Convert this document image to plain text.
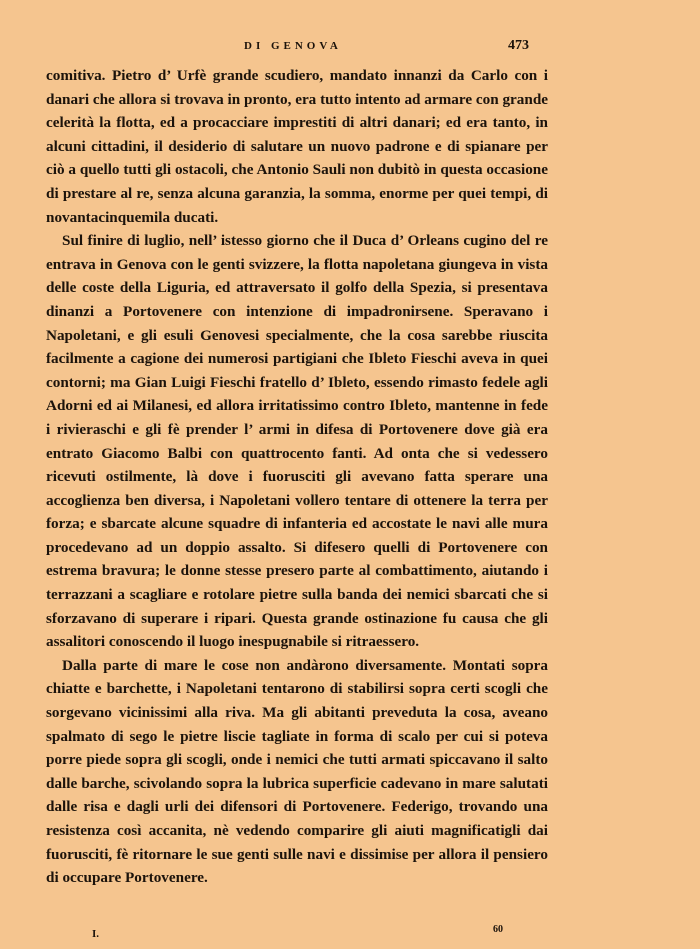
DI GENOVA	473

comitiva. Pietro d’ Urfè grande scudiero, mandato innanzi da Carlo con i danari che allora si trovava in pronto, era tutto intento ad armare con grande celerità la flotta, ed a procacciare imprestiti di altri danari; ed era tanto, in alcuni cittadini, il desiderio di salutare un nuovo padrone e di spianare per ciò a quello tutti gli ostacoli, che Antonio Sauli non dubitò in questa occasione di prestare al re, senza alcuna garanzia, la somma, enorme per quei tempi, di novantacinquemila ducati.

Sul finire di luglio, nell’ istesso giorno che il Duca d’ Orleans cugino del re entrava in Genova con le genti svizzere, la flotta napoletana giungeva in vista delle coste della Liguria, ed attraversato il golfo della Spezia, si presentava dinanzi a Portovenere con intenzione di impadronirsene. Speravano i Napoletani, e gli esuli Genovesi specialmente, che la cosa sarebbe riuscita facilmente a cagione dei numerosi partigiani che Ibleto Fieschi aveva in quei contorni; ma Gian Luigi Fieschi fratello d’ Ibleto, essendo rimasto fedele agli Adorni ed ai Milanesi, ed allora irritatissimo contro Ibleto, mantenne in fede i rivieraschi e gli fè prender l’ armi in difesa di Portovenere dove già era entrato Giacomo Balbi con quattrocento fanti. Ad onta che si vedessero ricevuti ostilmente, là dove i fuorusciti gli avevano fatta sperare una accoglienza ben diversa, i Napoletani vollero tentare di ottenere la terra per forza; e sbarcate alcune squadre di infanteria ed accostate le navi alle mura procedevano ad un doppio assalto. Si difesero quelli di Portovenere con estrema bravura; le donne stesse presero parte al combattimento, aiutando i terrazzani a scagliare e rotolare pietre sulla banda dei nemici sbarcati che si sforzavano di superare i ripari. Questa grande ostinazione fu causa che gli assalitori conoscendo il luogo inespugnabile si ritraessero.

Dalla parte di mare le cose non andàrono diversamente. Montati sopra chiatte e barchette, i Napoletani tentarono di stabilirsi sopra certi scogli che sorgevano vicinissimi alla riva. Ma gli abitanti preveduta la cosa, aveano spalmato di sego le pietre liscie tagliate in forma di scalo per cui si poteva porre piede sopra gli scogli, onde i nemici che tutti armati spiccavano il salto dalle barche, scivolando sopra la lubrica superficie cadevano in mare salutati dalle risa e dagli urli dei difensori di Portovenere. Federigo, trovando una resistenza così accanita, nè vedendo comparire gli aiuti magnificatigli dai fuorusciti, fè ritornare le sue genti sulle navi e dissimise per allora il pensiero di occupare Portovenere.

I.	60
